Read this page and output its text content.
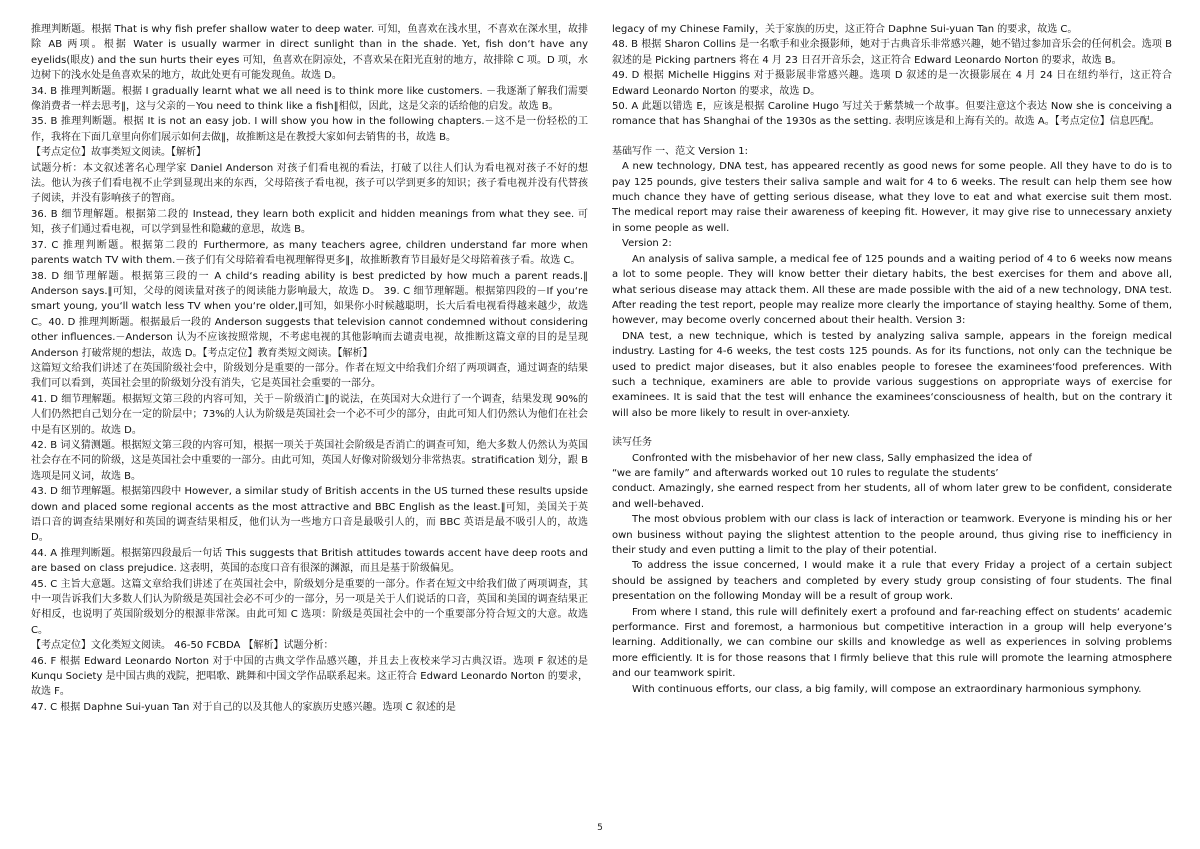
推理判断题。根据 That is why fish prefer shallow water to deep water. 可知，鱼喜欢在浅水里，不喜欢在深水里，故排除 AB 两项。根据 Water is usually warmer in direct sunlight than in the shade. Yet, fish don‘t have any eyelids(眼皮) and the sun hurts their eyes 可知，鱼喜欢在阴凉处，不喜欢呆在阳光直射的地方，故排除 C 项。D 项，水边树下的浅水处是鱼喜欢呆的地方，故此处更有可能发现鱼。故选 D。

34. B 推理判断题。根据 I gradually learnt what we all need is to think more like customers. －我逐渐了解我们需要像消费者一样去思考‖，这与父亲的－You need to think like a fish‖相似，因此，这是父亲的话给他的启发。故选 B。

35. B 推理判断题。根据 It is not an easy job. I will show you how in the following chapters.－这不是一份轻松的工作，我将在下面几章里向你们展示如何去做‖，故推断这是在教授大家如何去销售的书，故选 B。

【考点定位】故事类短文阅读。【解析】

试题分析：本文叙述著名心理学家 Daniel Anderson 对孩子们看电视的看法，打破了以往人们认为看电视对孩子不好的想法。他认为孩子们看电视不止学到显现出来的东西，父母陪孩子看电视，孩子可以学到更多的知识；孩子看电视并没有代替孩子阅读，并没有影响孩子的智商。

36. B 细节理解题。根据第二段的 Instead, they learn both explicit and hidden meanings from what they see. 可知，孩子们通过看电视，可以学到显性和隐藏的意思，故选 B。

37. C 推理判断题。根据第二段的 Furthermore, as many teachers agree, children understand far more when parents watch TV with them.－孩子们有父母陪着看电视理解得更多‖，故推断教育节目最好是父母陪着孩子看。故选 C。

38. D 细节理解题。根据第三段的一 A child‘s reading ability is best predicted by how much a parent reads.‖ Anderson says.‖可知，父母的阅读量对孩子的阅读能力影响最大，故选 D。 39. C 细节理解题。根据第四段的－If you‘re smart young, you‘ll watch less TV when you‘re older,‖可知，如果你小时候越聪明，长大后看电视看得越来越少，故选 C。40. D 推理判断题。根据最后一段的 Anderson suggests that television cannot condemned without considering other influences.－Anderson 认为不应该按照常规，不考虑电视的其他影响而去谴责电视，故推断这篇文章的目的是呈现 Anderson 打破常规的想法，故选 D。【考点定位】教育类短文阅读。【解析】

这篇短文给我们讲述了在英国阶级社会中，阶级划分是重要的一部分。作者在短文中给我们介绍了两项调查，通过调查的结果我们可以看到，英国社会里的阶级划分没有消失，它是英国社会重要的一部分。

41. D 细节理解题。根据短文第三段的内容可知，关于－阶级消亡‖的说法，在英国对大众进行了一个调查，结果发现 90%的人们仍然把自己划分在一定的阶层中；73%的人认为阶级是英国社会一个必不可少的部分，由此可知人们仍然认为他们在社会中是有区别的。故选 D。

42. B 词义猜测题。根据短文第三段的内容可知，根据一项关于英国社会阶级是否消亡的调查可知，绝大多数人仍然认为英国社会存在不同的阶级，这是英国社会中重要的一部分。由此可知，英国人好像对阶级划分非常热衷。stratification 划分，跟 B 选项是同义词，故选 B。

43. D 细节理解题。根据第四段中 However, a similar study of British accents in the US turned these results upside down and placed some regional accents as the most attractive and BBC English as the least.‖可知，美国关于英语口音的调查结果刚好和英国的调查结果相反，他们认为一些地方口音是最吸引人的，而 BBC 英语是最不吸引人的，故选 D。

44. A 推理判断题。根据第四段最后一句话 This suggests that British attitudes towards accent have deep roots and are based on class prejudice. 这表明，英国的态度口音有很深的渊源，而且是基于阶级偏见。

45. C 主旨大意题。这篇文章给我们讲述了在英国社会中，阶级划分是重要的一部分。作者在短文中给我们做了两项调查，其中一项告诉我们大多数人们认为阶级是英国社会必不可少的一部分，另一项是关于人们说话的口音，英国和美国的调查结果正好相反，也说明了英国阶级划分的根源非常深。由此可知 C 选项：阶级是英国社会中的一个重要部分符合短文的大意。故选 C。

【考点定位】文化类短文阅读。 46-50 FCBDA 【解析】试题分析：

46. F 根据 Edward Leonardo Norton 对于中国的古典文学作品感兴趣，并且去上夜校来学习古典汉语。选项 F 叙述的是 Kunqu Society 是中国古典的戏院，把唱歌、跳舞和中国文学作品联系起来。这正符合 Edward Leonardo Norton 的要求，故选 F。

47. C 根据 Daphne Sui-yuan Tan 对于自己的以及其他人的家族历史感兴趣。选项 C 叙述的是

legacy of my Chinese Family，关于家族的历史，这正符合 Daphne Sui-yuan Tan 的要求，故选 C。

48. B 根据 Sharon Collins 是一名歌手和业余摄影师，她对于古典音乐非常感兴趣，她不错过参加音乐会的任何机会。选项 B 叙述的是 Picking partners 将在 4 月 23 日召开音乐会，这正符合 Edward Leonardo Norton 的要求，故选 B。

49. D 根据 Michelle Higgins 对于摄影展非常感兴趣。选项 D 叙述的是一次摄影展在 4 月 24 日在纽约举行，这正符合 Edward Leonardo Norton 的要求，故选 D。

50. A 此题以错选 E，应该是根据 Caroline Hugo 写过关于紫禁城一个故事。但要注意这个表达 Now she is conceiving a romance that has Shanghai of the 1930s as the setting. 表明应该是和上海有关的。故选 A。【考点定位】信息匹配。

基础写作 一、范文 Version 1:

A new technology, DNA test, has appeared recently as good news for some people. All they have to do is to pay 125 pounds, give testers their saliva sample and wait for 4 to 6 weeks. The result can help them see how much chance they have of getting serious disease, what they love to eat and what exercise suit them most. The medical report may raise their awareness of keeping fit. However, it may give rise to unnecessary anxiety in some people as well.

Version 2:

An analysis of saliva sample, a medical fee of 125 pounds and a waiting period of 4 to 6 weeks now means a lot to some people. They will know better their dietary habits, the best exercises for them and above all, what serious disease may attack them. All these are made possible with the aid of a new technology, DNA test. After reading the test report, people may realize more clearly the importance of staying healthy. Some of them, however, may become overly concerned about their health. Version 3:

DNA test, a new technique, which is tested by analyzing saliva sample, appears in the foreign medical industry. Lasting for 4-6 weeks, the test costs 125 pounds. As for its functions, not only can the technique be used to predict major diseases, but it also enables people to foresee the examinees‘food preferences. With such a technique, examiners are able to provide various suggestions on appropriate ways of exercise for examinees. It is said that the test will enhance the examinees‘consciousness of health, but on the contrary it will also be more likely to result in over-anxiety.

读写任务

Confronted with the misbehavior of her new class, Sally emphasized the idea of

“we are family” and afterwards worked out 10 rules to regulate the students’

conduct. Amazingly, she earned respect from her students, all of whom later grew to be confident, considerate and well-behaved.

The most obvious problem with our class is lack of interaction or teamwork. Everyone is minding his or her own business without paying the slightest attention to the people around, thus giving rise to inefficiency in their study and even putting a limit to the play of their potential.

To address the issue concerned, I would make it a rule that every Friday a project of a certain subject should be assigned by teachers and completed by every study group consisting of four students. The final presentation on the following Monday will be a result of group work.

From where I stand, this rule will definitely exert a profound and far-reaching effect on students‘ academic performance. First and foremost, a harmonious but competitive interaction in a group will help everyone’s learning. Additionally, we can combine our skills and knowledge as well as experiences in solving problems more efficiently. It is for those reasons that I firmly believe that this rule will promote the learning atmosphere and our teamwork spirit.

With continuous efforts, our class, a big family, will compose an extraordinary harmonious symphony.

5
